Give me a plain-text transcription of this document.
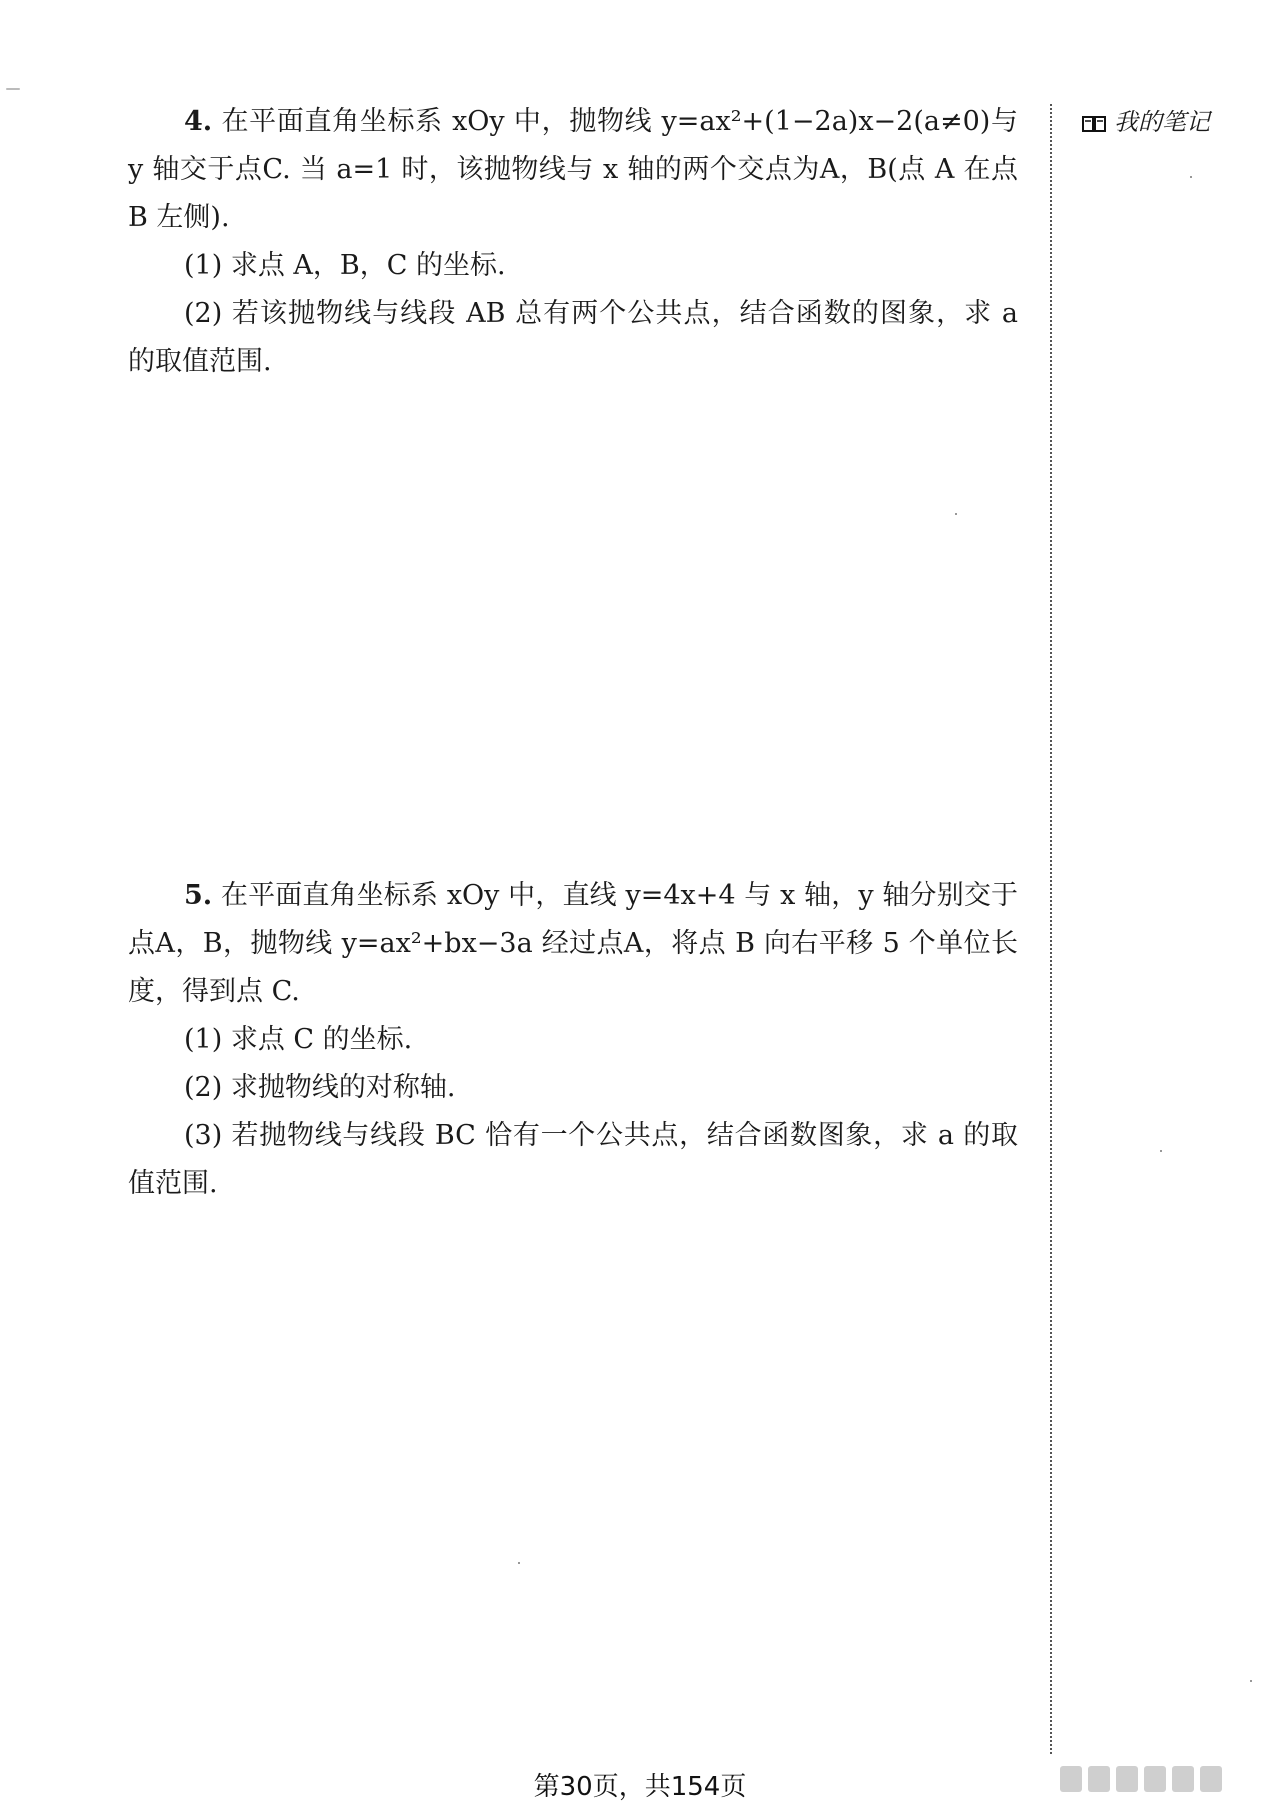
我的笔记

4. 在平面直角坐标系 xOy 中，抛物线 y=ax²+(1−2a)x−2(a≠0)与 y 轴交于点C. 当 a=1 时，该抛物线与 x 轴的两个交点为A，B(点 A 在点 B 左侧).

(1) 求点 A，B，C 的坐标.

(2) 若该抛物线与线段 AB 总有两个公共点，结合函数的图象，求 a 的取值范围.

5. 在平面直角坐标系 xOy 中，直线 y=4x+4 与 x 轴，y 轴分别交于点A，B，抛物线 y=ax²+bx−3a 经过点A，将点 B 向右平移 5 个单位长度，得到点 C.

(1) 求点 C 的坐标.

(2) 求抛物线的对称轴.

(3) 若抛物线与线段 BC 恰有一个公共点，结合函数图象，求 a 的取值范围.

第30页，共154页
